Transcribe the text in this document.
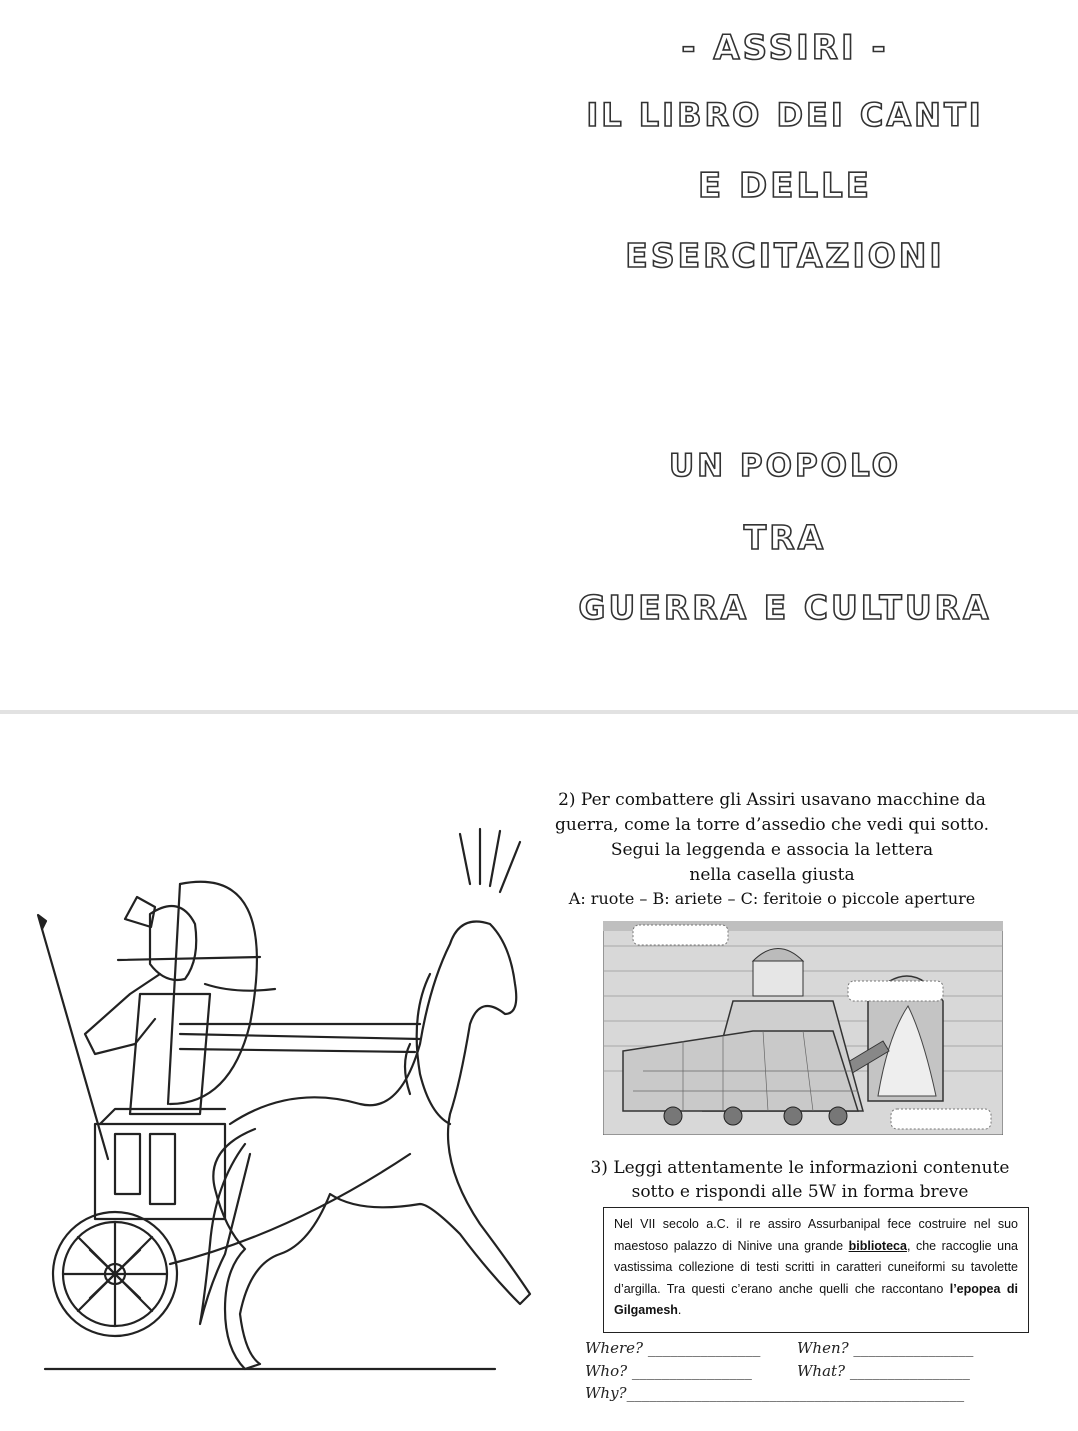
- ASSIRI -
IL LIBRO DEI CANTI
E DELLE
ESERCITAZIONI
UN POPOLO
TRA
GUERRA E CULTURA
2) Per combattere gli Assiri usavano macchine da
guerra, come la torre d’assedio che vedi qui sotto.
Segui la leggenda e associa la lettera
nella casella giusta
A: ruote – B: ariete – C: feritoie o piccole aperture
3) Leggi attentamente le informazioni contenute
sotto e rispondi alle 5W in forma breve
Nel VII secolo a.C. il re assiro Assurbanipal fece costruire nel suo maestoso palazzo di Ninive una grande biblioteca, che raccoglie una vastissima collezione di testi scritti in caratteri cuneiformi su tavolette d’argilla. Tra questi c’erano anche quelli che raccontano l’epopea di Gilgamesh.
Where? _______________ When? ________________
Who? ________________	What? ________________
Why?_____________________________________________
